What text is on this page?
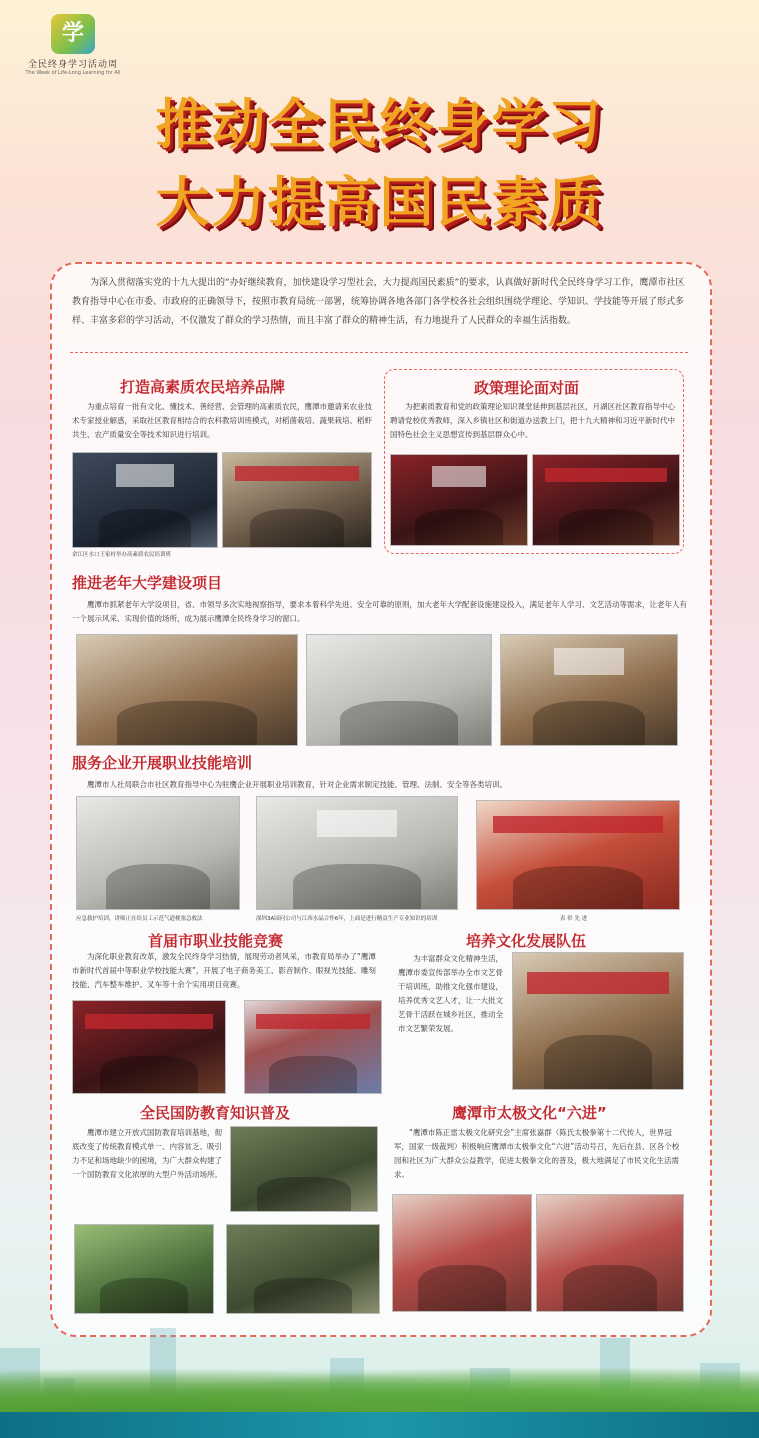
学
全民终身学习活动周
The Week of Life-Long Learning for All
推动全民终身学习
大力提高国民素质
为深入贯彻落实党的十九大提出的“办好继续教育，加快建设学习型社会，大力提高国民素质”的要求，认真做好新时代全民终身学习工作，鹰潭市社区教育指导中心在市委、市政府的正确领导下，按照市教育局统一部署，统筹协调各地各部门各学校各社会组织围绕学理论、学知识、学技能等开展了形式多样、丰富多彩的学习活动，不仅激发了群众的学习热情，而且丰富了群众的精神生活，有力地提升了人民群众的幸福生活指数。
打造高素质农民培养品牌
为重点培育一批有文化、懂技术、善经营、会管理的高素质农民，鹰潭市邀请来农业技术专家授业解惑，采取社区教育相结合的农科教培训班模式，对稻菌栽培、蔬果栽培、稻虾共生、农产质量安全等技术知识进行培训。
余江区水口王家村举办高素质农民培训班
政策理论面对面
为把素质教育和党的政策理论知识课堂延伸到基层社区，月湖区社区教育指导中心聘请党校优秀教师，深入乡镇社区和街道办送教上门，把十九大精神和习近平新时代中国特色社会主义思想宣传到基层群众心中。
推进老年大学建设项目
鹰潭市抓紧老年大学设项目，省、市领导多次实地视察指导，要求本着科学先进、安全可靠的原则，加大老年大学配套设施建设投入，满足老年人学习、文艺活动等需求，让老年人有一个展示风采、实现价值的场所，成为展示鹰潭全民终身学习的窗口。
服务企业开展职业技能培训
鹰潭市人社局联合市社区教育指导中心为驻鹰企业开展职业培训教育，针对企业需求制定技能、管理、法制、安全等各类培训。
应急救护培训，讲师正在给员工示范气道梗塞急救法	深圳3A园问公司与江西水晶合作6年，上面是进行精益生产专业知识的培训	表 彰 先 进
首届市职业技能竞赛
为深化职业教育改革，激发全民终身学习热情，展现劳动者风采，市教育局举办了“鹰潭市新时代首届中等职业学校技能大赛”，开展了电子商务美工、影音制作、眼视光技能、雕刻技能、汽车整车维护、叉车等十余个实用项目竞赛。
培养文化发展队伍
为丰富群众文化精神生活，鹰潭市委宣传部举办全市文艺骨干培训班，助推文化强市建设，培养优秀文艺人才，让一大批文艺骨干活跃在城乡社区，推动全市文艺繁荣发展。
全民国防教育知识普及
鹰潭市建立开放式国防教育培训基地，彻底改变了传统教育模式单一、内容贫乏、吸引力不足和场地缺少的困境，为广大群众构建了一个国防教育文化浓厚的大型户外活动场所。
鹰潭市太极文化“六进”
“鹰潭市陈正雷太极文化研究会”主席张嘉群（陈氏太极拳第十二代传人，世界冠军，国家一级裁判）积极响应鹰潭市太极拳文化“六进”活动号召，先后在县、区各个校园和社区为广大群众公益教学，促进太极拳文化的普及，极大地满足了市民文化生活需求。
